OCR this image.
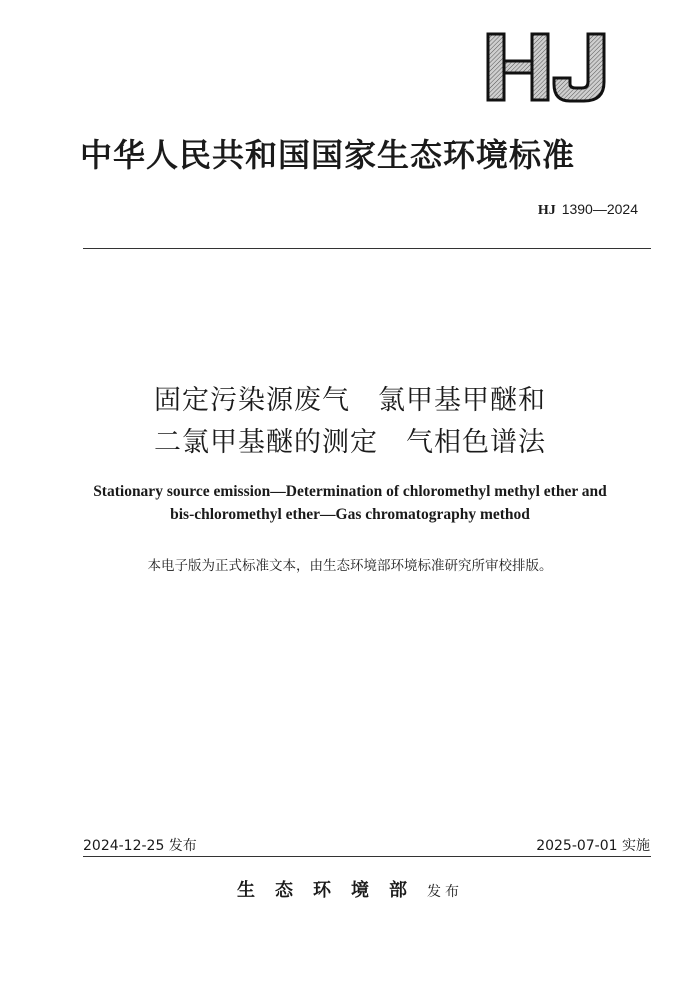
中华人民共和国国家生态环境标准
HJ 1390—2024
固定污染源废气　氯甲基甲醚和
二氯甲基醚的测定　气相色谱法
Stationary source emission—Determination of chloromethyl methyl ether and
bis-chloromethyl ether—Gas chromatography method
本电子版为正式标准文本，由生态环境部环境标准研究所审校排版。
2024-12-25 发布	2025-07-01 实施
生态环境部发布
